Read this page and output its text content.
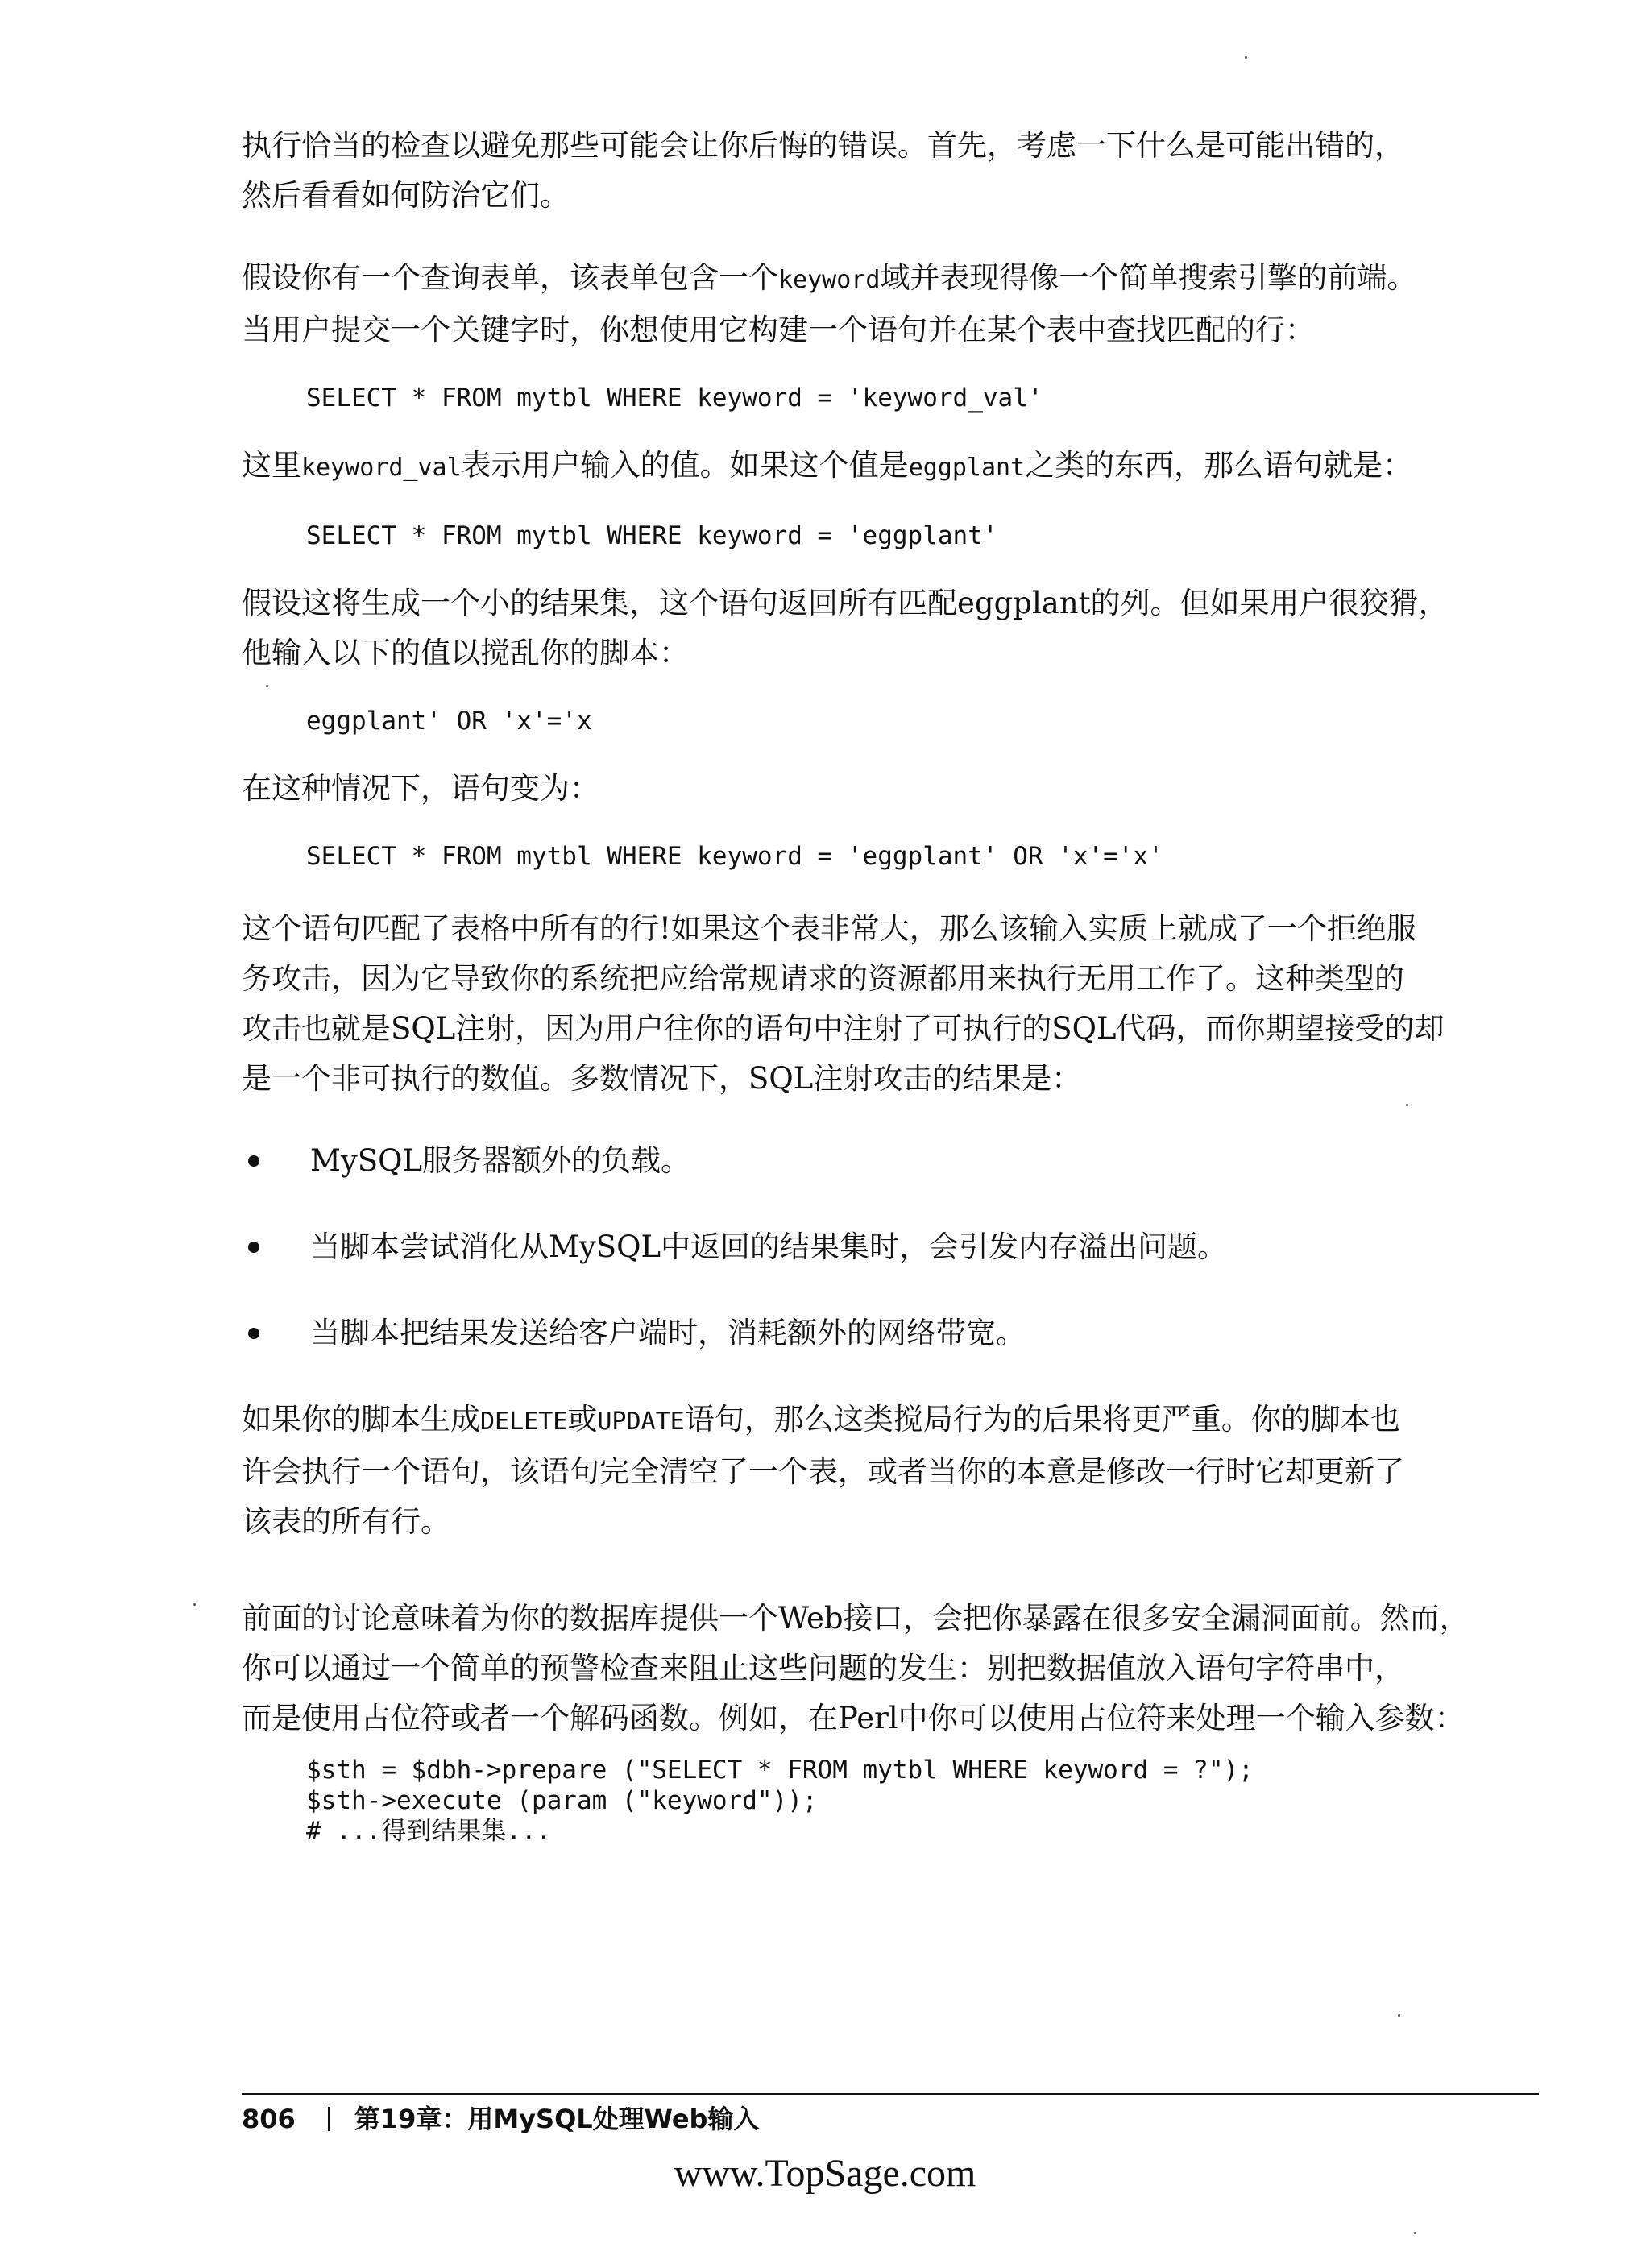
执行恰当的检查以避免那些可能会让你后悔的错误。首先，考虑一下什么是可能出错的，
然后看看如何防治它们。

假设你有一个查询表单，该表单包含一个keyword域并表现得像一个简单搜索引擎的前端。
当用户提交一个关键字时，你想使用它构建一个语句并在某个表中查找匹配的行：

SELECT * FROM mytbl WHERE keyword = 'keyword_val'

这里keyword_val表示用户输入的值。如果这个值是eggplant之类的东西，那么语句就是：

SELECT * FROM mytbl WHERE keyword = 'eggplant'

假设这将生成一个小的结果集，这个语句返回所有匹配eggplant的列。但如果用户很狡猾，
他输入以下的值以搅乱你的脚本：

eggplant' OR 'x'='x

在这种情况下，语句变为：

SELECT * FROM mytbl WHERE keyword = 'eggplant' OR 'x'='x'

这个语句匹配了表格中所有的行!如果这个表非常大，那么该输入实质上就成了一个拒绝服
务攻击，因为它导致你的系统把应给常规请求的资源都用来执行无用工作了。这种类型的
攻击也就是SQL注射，因为用户往你的语句中注射了可执行的SQL代码，而你期望接受的却
是一个非可执行的数值。多数情况下，SQL注射攻击的结果是：

MySQL服务器额外的负载。
当脚本尝试消化从MySQL中返回的结果集时，会引发内存溢出问题。
当脚本把结果发送给客户端时，消耗额外的网络带宽。

如果你的脚本生成DELETE或UPDATE语句，那么这类搅局行为的后果将更严重。你的脚本也
许会执行一个语句，该语句完全清空了一个表，或者当你的本意是修改一行时它却更新了
该表的所有行。

前面的讨论意味着为你的数据库提供一个Web接口，会把你暴露在很多安全漏洞面前。然而，
你可以通过一个简单的预警检查来阻止这些问题的发生：别把数据值放入语句字符串中，
而是使用占位符或者一个解码函数。例如，在Perl中你可以使用占位符来处理一个输入参数：

$sth = $dbh->prepare ("SELECT * FROM mytbl WHERE keyword = ?");
$sth->execute (param ("keyword"));
# ...得到结果集...
806 第19章：用MySQL处理Web输入
www.TopSage.com
